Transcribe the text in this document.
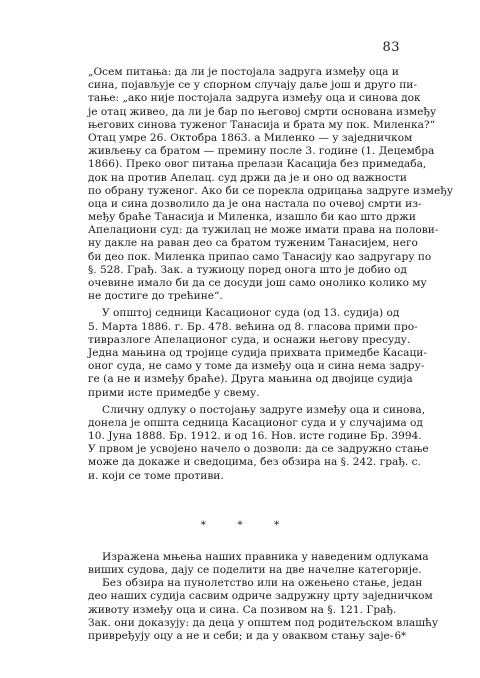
83
„Осем питања: да ли је постојала задруга између оца и
сина, појављује се у спорном случају даље још и друго пи-
тање: „ако није постојала задруга између оца и синова док
је отац живео, да ли је бар по његовој смрти основана између
његових синова туженог Танасија и брата му пок. Миленка?“
Отац умре 26. Октобра 1863. а Миленко — у заједничком
живљењу са братом — премину после 3. године (1. Децембра
1866). Преко овог питања прелази Касација без примедаба,
док на против Апелац. суд држи да је и оно од важности
по обрану туженог. Ако би се порекла одрицања задруге између
оца и сина дозволило да је она настала по очевој смрти из-
међу браће Танасија и Миленка, изашло би као што држи
Апелациони суд: да тужилац не може имати права на полови-
ну дакле на раван део са братом туженим Танасијем, него
би део пок. Миленка припао само Танасију као задругару по
§. 528. Грађ. Зак. а тужиоцу поред онога што је добио од
очевине имало би да се досуди још само онолико колико му
не достиге до трећине“.
У општој седници Касационог суда (од 13. судија) од
5. Марта 1886. г. Бр. 478. већина од 8. гласова прими про-
тивразлоге Апелационог суда, и оснажи његову пресуду.
Једна мањина од тројице судија прихвата примедбе Касаци-
оног суда, не само у томе да између оца и сина нема задру-
ге (а не и између браће). Друга мањина од двојице судија
прими исте примедбе у свему.
Сличну одлуку о постојању задруге између оца и синова,
донела је општа седница Касационог суда и у случајима од
10. Јуна 1888. Бр. 1912. и од 16. Нов. исте године Бр. 3994.
У првом је усвојено начело о дозволи: да се задружно стање
може да докаже и сведоцима, без обзира на §. 242. грађ. с.
и. који се томе противи.
* * *
Изражена мњења наших правника у наведеним одлукама
виших судова, дају се поделити на две начелне категорије.
Без обзира на пунолетство или на ожењено стање, један
део наших судија сасвим одриче задружну црту заједничком
животу између оца и сина. Са позивом на §. 121. Грађ.
Зак. они доказују: да деца у општем под родитељском влашћу
привређују оцу а не и себи; и да у оваквом стању заје- 6*
